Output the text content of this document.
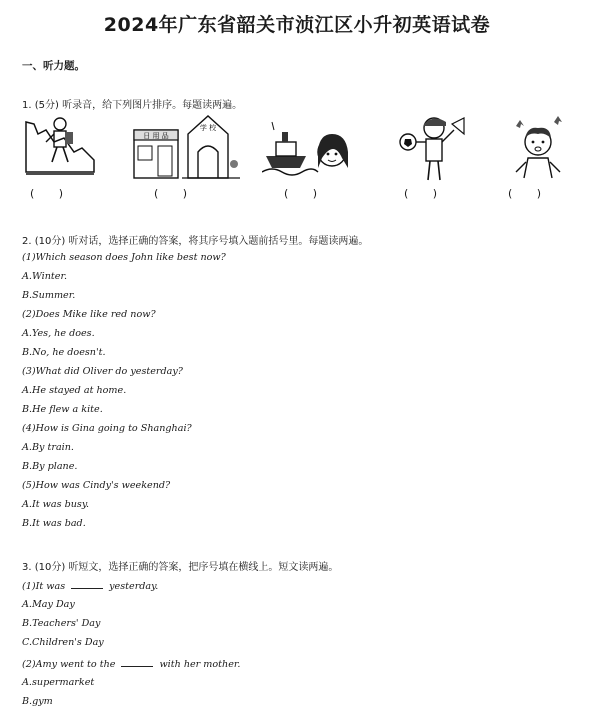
2024年广东省韶关市浈江区小升初英语试卷
一、听力题。
1. (5分) 听录音，给下列图片排序。每题读两遍。
日 用 品
学 校
(       )	(       )	(       )	(       )	(       )
2. (10分) 听对话，选择正确的答案，将其序号填入题前括号里。每题读两遍。
(1)Which season does John like best now?
A.Winter.
B.Summer.
(2)Does Mike like red now?
A.Yes, he does.
B.No, he doesn't.
(3)What did Oliver do yesterday?
A.He stayed at home.
B.He flew a kite.
(4)How is Gina going to Shanghai?
A.By train.
B.By plane.
(5)How was Cindy's weekend?
A.It was busy.
B.It was bad.
3. (10分) 听短文，选择正确的答案，把序号填在横线上。短文读两遍。
(1)It was	yesterday.
A.May Day
B.Teachers' Day
C.Children's Day
(2)Amy went to the	with her mother.
A.supermarket
B.gym
